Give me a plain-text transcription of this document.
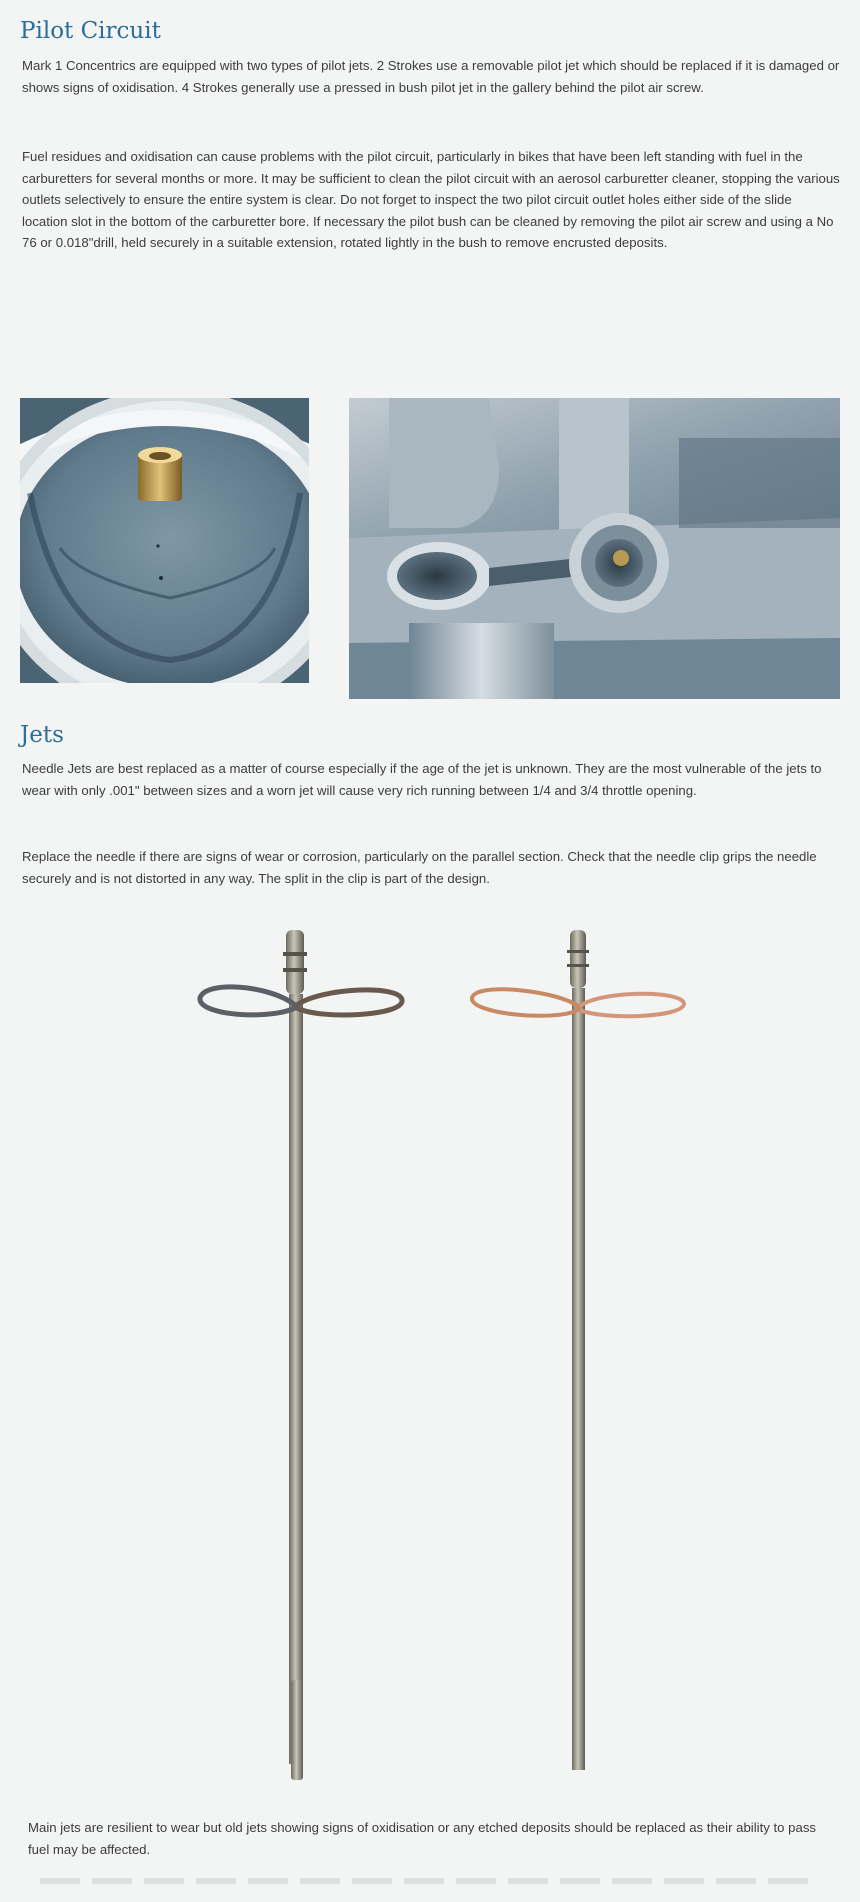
Pilot Circuit

Mark 1 Concentrics are equipped with two types of pilot jets. 2 Strokes use a removable pilot jet which should be replaced if it is damaged or shows signs of oxidisation. 4 Strokes generally use a pressed in bush pilot jet in the gallery behind the pilot air screw.

Fuel residues and oxidisation can cause problems with the pilot circuit, particularly in bikes that have been left standing with fuel in the carburetters for several months or more. It may be sufficient to clean the pilot circuit with an aerosol carburetter cleaner, stopping the various outlets selectively to ensure the entire system is clear. Do not forget to inspect the two pilot circuit outlet holes either side of the slide location slot in the bottom of the carburetter bore. If necessary the pilot bush can be cleaned by removing the pilot air screw and using a No 76 or 0.018"drill, held securely in a suitable extension, rotated lightly in the bush to remove encrusted deposits.

Jets

Needle Jets are best replaced as a matter of course especially if the age of the jet is unknown. They are the most vulnerable of the jets to wear with only .001" between sizes and a worn jet will cause very rich running between 1/4 and 3/4 throttle opening.

Replace the needle if there are signs of wear or corrosion, particularly on the parallel section. Check that the needle clip grips the needle securely and is not distorted in any way. The split in the clip is part of the design.

Main jets are resilient to wear but old jets showing signs of oxidisation or any etched deposits should be replaced as their ability to pass fuel may be affected.
